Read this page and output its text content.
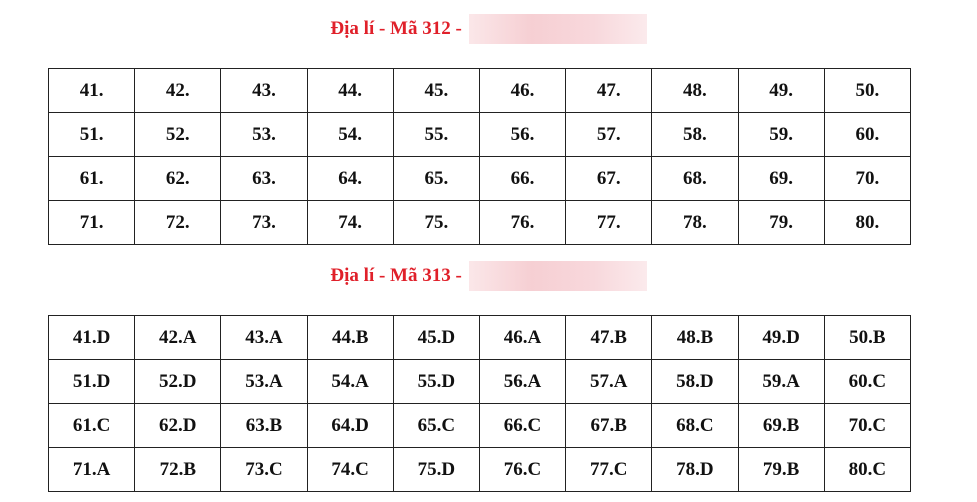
Địa lí - Mã 312 -
41.	42.	43.	44.	45.	46.	47.	48.	49.	50.
51.	52.	53.	54.	55.	56.	57.	58.	59.	60.
61.	62.	63.	64.	65.	66.	67.	68.	69.	70.
71.	72.	73.	74.	75.	76.	77.	78.	79.	80.
Địa lí - Mã 313 -
41.D	42.A	43.A	44.B	45.D	46.A	47.B	48.B	49.D	50.B
51.D	52.D	53.A	54.A	55.D	56.A	57.A	58.D	59.A	60.C
61.C	62.D	63.B	64.D	65.C	66.C	67.B	68.C	69.B	70.C
71.A	72.B	73.C	74.C	75.D	76.C	77.C	78.D	79.B	80.C
